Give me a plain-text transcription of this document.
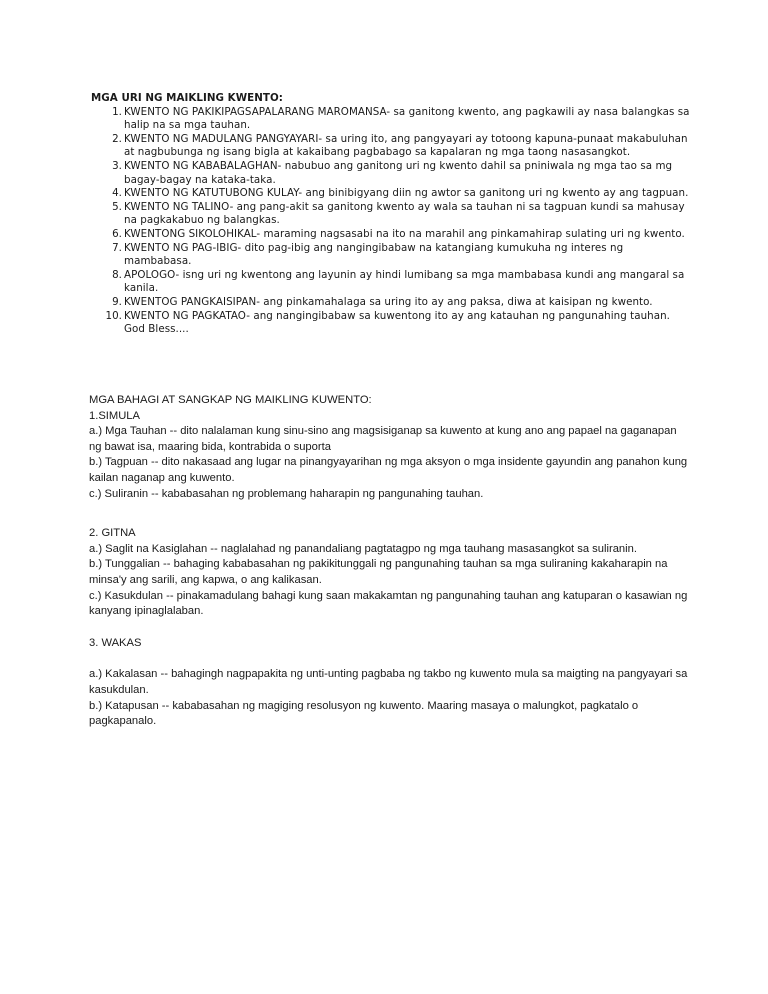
MGA URI NG MAIKLING KWENTO:

1. KWENTO NG PAKIKIPAGSAPALARANG MAROMANSA- sa ganitong kwento, ang pagkawili ay nasa balangkas sa halip na sa mga tauhan.
2. KWENTO NG MADULANG PANGYAYARI- sa uring ito, ang pangyayari ay totoong kapuna-punaat makabuluhan at nagbubunga ng isang bigla at kakaibang pagbabago sa kapalaran ng mga taong nasasangkot.
3. KWENTO NG KABABALAGHAN- nabubuo ang ganitong uri ng kwento dahil sa pniniwala ng mga tao sa mg bagay-bagay na kataka-taka.
4. KWENTO NG KATUTUBONG KULAY- ang binibigyang diin ng awtor sa ganitong uri ng kwento ay ang tagpuan.
5. KWENTO NG TALINO- ang pang-akit sa ganitong kwento ay wala sa tauhan ni sa tagpuan kundi sa mahusay na pagkakabuo ng balangkas.
6. KWENTONG SIKOLOHIKAL- maraming nagsasabi na ito na marahil ang pinkamahirap sulating uri ng kwento.
7. KWENTO NG PAG-IBIG- dito pag-ibig ang nangingibabaw na katangiang kumukuha ng interes ng mambabasa.
8. APOLOGO- isng uri ng kwentong ang layunin ay hindi lumibang sa mga mambabasa kundi ang mangaral sa kanila.
9. KWENTOG PANGKAISIPAN- ang pinkamahalaga sa uring ito ay ang paksa, diwa at kaisipan ng kwento.
10. KWENTO NG PAGKATAO- ang nangingibabaw sa kuwentong ito ay ang katauhan ng pangunahing tauhan.

God Bless....

MGA BAHAGI AT SANGKAP NG MAIKLING KUWENTO:

1.SIMULA

a.) Mga Tauhan -- dito nalalaman kung sinu-sino ang magsisiganap sa kuwento at kung ano ang papael na gaganapan ng bawat isa, maaring bida, kontrabida o suporta

b.) Tagpuan -- dito nakasaad ang lugar na pinangyayarihan ng mga aksyon o mga insidente gayundin ang panahon kung kailan naganap ang kuwento.

c.) Suliranin -- kababasahan ng problemang haharapin ng pangunahing tauhan.

2. GITNA

a.) Saglit na Kasiglahan -- naglalahad ng panandaliang pagtatagpo ng mga tauhang masasangkot sa suliranin.

b.) Tunggalian -- bahaging kababasahan ng pakikitunggali ng pangunahing tauhan sa mga suliraning kakaharapin na minsa'y ang sarili, ang kapwa, o ang kalikasan.

c.) Kasukdulan -- pinakamadulang bahagi kung saan makakamtan ng pangunahing tauhan ang katuparan o kasawian ng kanyang ipinaglalaban.

3. WAKAS

a.) Kakalasan -- bahagingh nagpapakita ng unti-unting pagbaba ng takbo ng kuwento mula sa maigting na pangyayari sa kasukdulan.

b.) Katapusan -- kababasahan ng magiging resolusyon ng kuwento. Maaring masaya o malungkot, pagkatalo o pagkapanalo.
